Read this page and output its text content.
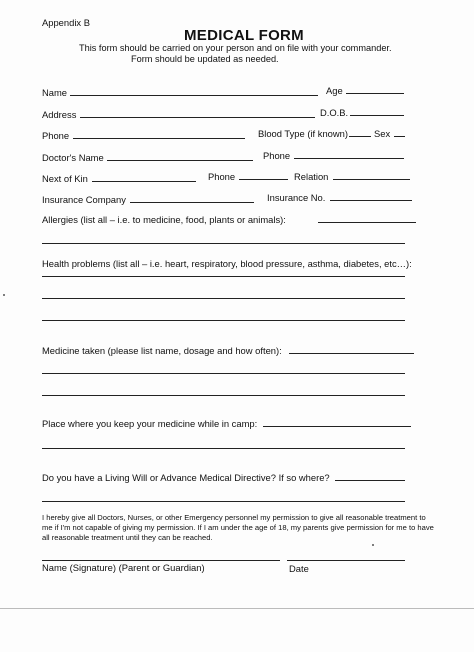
Appendix B
MEDICAL FORM
This form should be carried on your person and on file with your commander.
Form should be updated as needed.
Name	Age
Address	D.O.B.
Phone	Blood Type (if known)	Sex
Doctor's Name	Phone
Next of Kin	Phone	Relation
Insurance Company	Insurance No.
Allergies (list all – i.e. to medicine, food, plants or animals):
Health problems (list all – i.e. heart, respiratory, blood pressure, asthma, diabetes, etc…):
Medicine taken (please list name, dosage and how often):
Place where you keep your medicine while in camp:
Do you have a Living Will or Advance Medical Directive? If so where?
I hereby give all Doctors, Nurses, or other Emergency personnel my permission to give all reasonable treatment to me if I'm not capable of giving my permission. If I am under the age of 18, my parents give permission for me to have all reasonable treatment until they can be reached.
Name (Signature) (Parent or Guardian)	Date
